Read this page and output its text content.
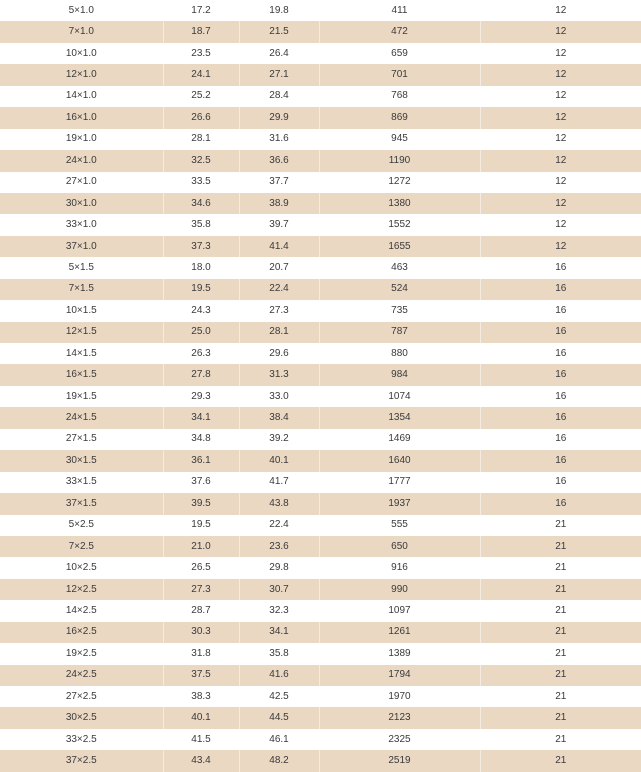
5×1.0	17.2	19.8	411	12
7×1.0	18.7	21.5	472	12
10×1.0	23.5	26.4	659	12
12×1.0	24.1	27.1	701	12
14×1.0	25.2	28.4	768	12
16×1.0	26.6	29.9	869	12
19×1.0	28.1	31.6	945	12
24×1.0	32.5	36.6	1190	12
27×1.0	33.5	37.7	1272	12
30×1.0	34.6	38.9	1380	12
33×1.0	35.8	39.7	1552	12
37×1.0	37.3	41.4	1655	12
5×1.5	18.0	20.7	463	16
7×1.5	19.5	22.4	524	16
10×1.5	24.3	27.3	735	16
12×1.5	25.0	28.1	787	16
14×1.5	26.3	29.6	880	16
16×1.5	27.8	31.3	984	16
19×1.5	29.3	33.0	1074	16
24×1.5	34.1	38.4	1354	16
27×1.5	34.8	39.2	1469	16
30×1.5	36.1	40.1	1640	16
33×1.5	37.6	41.7	1777	16
37×1.5	39.5	43.8	1937	16
5×2.5	19.5	22.4	555	21
7×2.5	21.0	23.6	650	21
10×2.5	26.5	29.8	916	21
12×2.5	27.3	30.7	990	21
14×2.5	28.7	32.3	1097	21
16×2.5	30.3	34.1	1261	21
19×2.5	31.8	35.8	1389	21
24×2.5	37.5	41.6	1794	21
27×2.5	38.3	42.5	1970	21
30×2.5	40.1	44.5	2123	21
33×2.5	41.5	46.1	2325	21
37×2.5	43.4	48.2	2519	21
